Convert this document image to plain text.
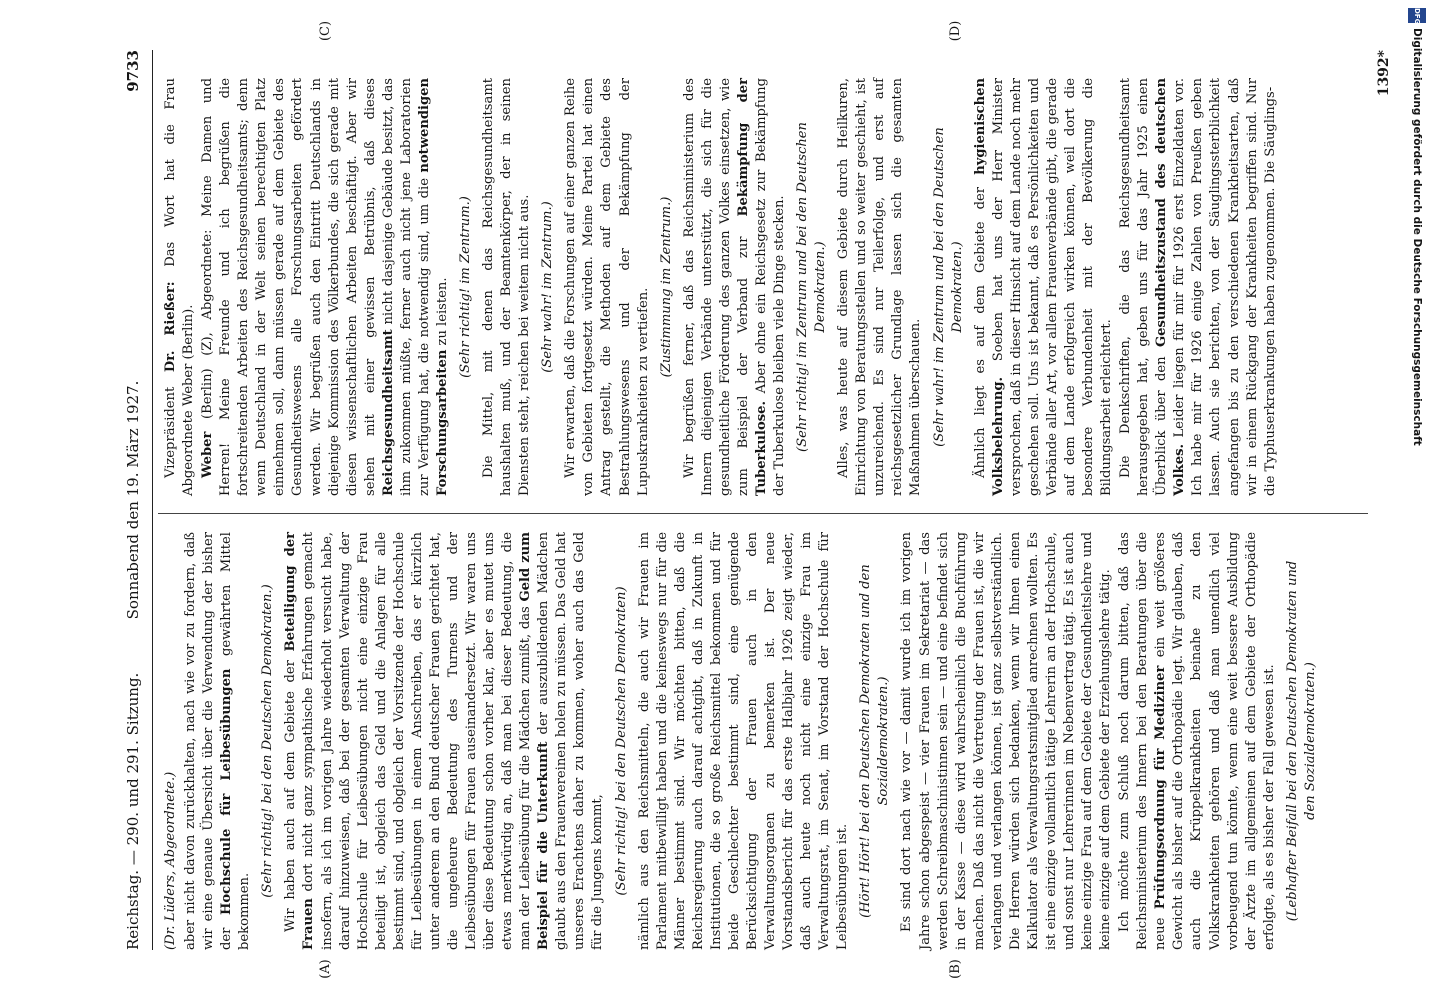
Reichstag. — 290. und 291. Sitzung.
Sonnabend den 19. März 1927.
9733
(A)	(B)
(C)	(D)

(Dr. Lüders, Abgeordnete.) aber nicht davon zurückhalten, nach wie vor zu fordern, daß wir eine genaue Übersicht über die Verwendung der bisher der Hochschule für Leibesübungen gewährten Mittel bekommen.

(Sehr richtig! bei den Deutschen Demokraten.) Wir haben auch auf dem Gebiete der Beteiligung der Frauen dort nicht ganz sympathische Erfahrungen gemacht insofern, als ich im vorigen Jahre wiederholt versucht habe, darauf hinzuweisen, daß bei der gesamten Verwaltung der Hochschule für Leibesübungen nicht eine einzige Frau beteiligt ist, obgleich das Geld und die Anlagen für alle bestimmt sind, und obgleich der Vorsitzende der Hochschule für Leibesübungen in einem Anschreiben, das er kürzlich unter anderem an den Bund deutscher Frauen gerichtet hat, die ungeheure Bedeutung des Turnens und der Leibesübungen für Frauen auseinandersetzt. Wir waren uns über diese Bedeutung schon vorher klar, aber es mutet uns etwas merkwürdig an, daß man bei dieser Bedeutung, die man der Leibesübung für die Mädchen zumißt, das Geld zum Beispiel für die Unterkunft der auszubildenden Mädchen glaubt aus den Frauenvereinen holen zu müssen. Das Geld hat unseres Erachtens daher zu kommen, woher auch das Geld für die Jungens kommt, (Sehr richtig! bei den Deutschen Demokraten) nämlich aus den Reichsmitteln, die auch wir Frauen im Parlament mitbewilligt haben und die keineswegs nur für die Männer bestimmt sind. Wir möchten bitten, daß die Reichsregierung auch darauf achtgibt, daß in Zukunft in Institutionen, die so große Reichsmittel bekommen und für beide Geschlechter bestimmt sind, eine genügende Berücksichtigung der Frauen auch in den Verwaltungsorganen zu bemerken ist. Der neue Vorstandsbericht für das erste Halbjahr 1926 zeigt wieder, daß auch heute noch nicht eine einzige Frau im Verwaltungsrat, im Senat, im Vorstand der Hochschule für Leibesübungen ist. (Hört! Hört! bei den Deutschen Demokraten und den Sozialdemokraten.) Es sind dort nach wie vor — damit wurde ich im vorigen Jahre schon abgespeist — vier Frauen im Sekretariat — das werden Schreibmaschinistinnen sein — und eine befindet sich in der Kasse — diese wird wahrscheinlich die Buchführung machen. Daß das nicht die Vertretung der Frauen ist, die wir verlangen und verlangen können, ist ganz selbstverständlich. Die Herren würden sich bedanken, wenn wir Ihnen einen Kalkulator als Verwaltungsratsmitglied anrechnen wollten. Es ist eine einzige vollamtlich tätige Lehrerin an der Hochschule, und sonst nur Lehrerinnen im Nebenvertrag tätig. Es ist auch keine einzige Frau auf dem Gebiete der Gesundheitslehre und keine einzige auf dem Gebiete der Erziehungslehre tätig. Ich möchte zum Schluß noch darum bitten, daß das Reichsministerium des Innern bei den Beratungen über die neue Prüfungsordnung für Mediziner ein weit größeres Gewicht als bisher auf die Orthopädie legt. Wir glauben, daß auch die Krüppelkrankheiten beinahe zu den Volkskrankheiten gehören und daß man unendlich viel vorbeugend tun könnte, wenn eine weit bessere Ausbildung der Ärzte im allgemeinen auf dem Gebiete der Orthopädie erfolgte, als es bisher der Fall gewesen ist. (Lebhafter Beifall bei den Deutschen Demokraten und den Sozialdemokraten.)

Vizepräsident Dr. Rießer: Das Wort hat die Frau Abgeordnete Weber (Berlin). Weber (Berlin) (Z), Abgeordnete: Meine Damen und Herren! Meine Freunde und ich begrüßen die fortschreitenden Arbeiten des Reichsgesundheitsamts; denn wenn Deutschland in der Welt seinen berechtigten Platz einnehmen soll, dann müssen gerade auf dem Gebiete des Gesundheitswesens alle Forschungsarbeiten gefördert werden. Wir begrüßen auch den Eintritt Deutschlands in diejenige Kommission des Völkerbundes, die sich gerade mit diesen wissenschaftlichen Arbeiten beschäftigt. Aber wir sehen mit einer gewissen Betrübnis, daß dieses Reichsgesundheitsamt nicht dasjenige Gebäude besitzt, das ihm zukommen müßte, ferner auch nicht jene Laboratorien zur Verfügung hat, die notwendig sind, um die notwendigen Forschungsarbeiten zu leisten. (Sehr richtig! im Zentrum.) Die Mittel, mit denen das Reichsgesundheitsamt haushalten muß, und der Beamtenkörper, der in seinen Diensten steht, reichen bei weitem nicht aus. (Sehr wahr! im Zentrum.) Wir erwarten, daß die Forschungen auf einer ganzen Reihe von Gebieten fortgesetzt würden. Meine Partei hat einen Antrag gestellt, die Methoden auf dem Gebiete des Bestrahlungswesens und der Bekämpfung der Lupuskrankheiten zu vertiefen.

(Zustimmung im Zentrum.) Wir begrüßen ferner, daß das Reichsministerium des Innern diejenigen Verbände unterstützt, die sich für die gesundheitliche Förderung des ganzen Volkes einsetzen, wie zum Beispiel der Verband zur Bekämpfung der Tuberkulose. Aber ohne ein Reichsgesetz zur Bekämpfung der Tuberkulose bleiben viele Dinge stecken. (Sehr richtig! im Zentrum und bei den Deutschen Demokraten.) Alles, was heute auf diesem Gebiete durch Heilkuren, Einrichtung von Beratungsstellen und so weiter geschieht, ist unzureichend. Es sind nur Teilerfolge, und erst auf reichsgesetzlicher Grundlage lassen sich die gesamten Maßnahmen überschauen. (Sehr wahr! im Zentrum und bei den Deutschen Demokraten.) Ähnlich liegt es auf dem Gebiete der hygienischen Volksbelehrung. Soeben hat uns der Herr Minister versprochen, daß in dieser Hinsicht auf dem Lande noch mehr geschehen soll. Uns ist bekannt, daß es Persönlichkeiten und Verbände aller Art, vor allem Frauenverbände gibt, die gerade auf dem Lande erfolgreich wirken können, weil dort die besondere Verbundenheit mit der Bevölkerung die Bildungsarbeit erleichtert. Die Denkschriften, die das Reichsgesundheitsamt herausgegeben hat, geben uns für das Jahr 1925 einen Überblick über den Gesundheitszustand des deutschen Volkes. Leider liegen für mir für 1926 erst Einzeldaten vor. Ich habe mir für 1926 einige Zahlen von Preußen geben lassen. Auch sie berichten, von der Säuglingssterblichkeit angefangen bis zu den verschiedenen Krankheitsarten, daß wir in einem Rückgang der Krankheiten begriffen sind. Nur die Typhuserkrankungen haben zugenommen. Die Säuglings-

1392*
DFG
Digitalisierung gefördert durch die Deutsche Forschungsgemeinschaft
